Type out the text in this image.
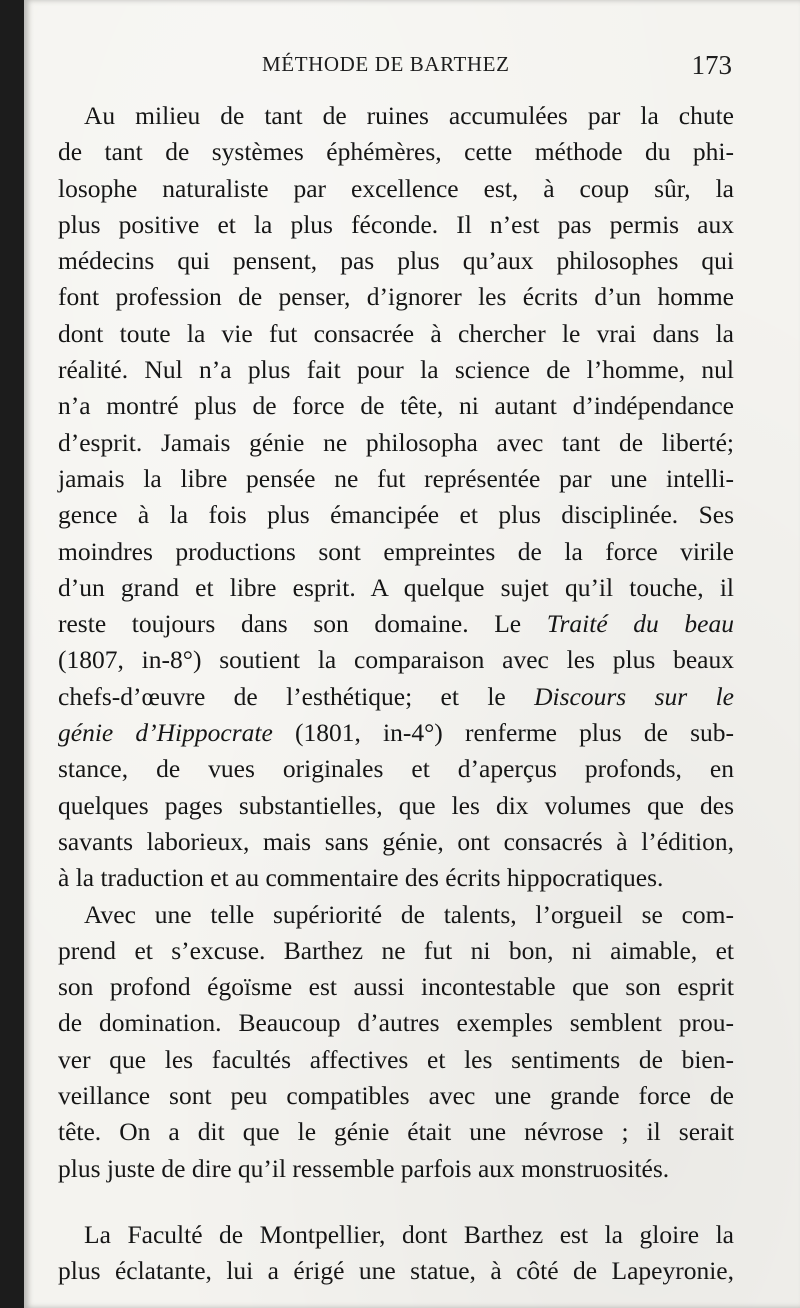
MÉTHODE DE BARTHEZ	173

Au milieu de tant de ruines accumulées par la chute
de tant de systèmes éphémères, cette méthode du phi-
losophe naturaliste par excellence est, à coup sûr, la
plus positive et la plus féconde. Il n’est pas permis aux
médecins qui pensent, pas plus qu’aux philosophes qui
font profession de penser, d’ignorer les écrits d’un homme
dont toute la vie fut consacrée à chercher le vrai dans la
réalité. Nul n’a plus fait pour la science de l’homme, nul
n’a montré plus de force de tête, ni autant d’indépendance
d’esprit. Jamais génie ne philosopha avec tant de liberté;
jamais la libre pensée ne fut représentée par une intelli-
gence à la fois plus émancipée et plus disciplinée. Ses
moindres productions sont empreintes de la force virile
d’un grand et libre esprit. A quelque sujet qu’il touche, il
reste toujours dans son domaine. Le Traité du beau
(1807, in-8°) soutient la comparaison avec les plus beaux
chefs-d’œuvre de l’esthétique; et le Discours sur le
génie d’Hippocrate (1801, in-4°) renferme plus de sub-
stance, de vues originales et d’aperçus profonds, en
quelques pages substantielles, que les dix volumes que des
savants laborieux, mais sans génie, ont consacrés à l’édition,
à la traduction et au commentaire des écrits hippocratiques.

Avec une telle supériorité de talents, l’orgueil se com-
prend et s’excuse. Barthez ne fut ni bon, ni aimable, et
son profond égoïsme est aussi incontestable que son esprit
de domination. Beaucoup d’autres exemples semblent prou-
ver que les facultés affectives et les sentiments de bien-
veillance sont peu compatibles avec une grande force de
tête. On a dit que le génie était une névrose ; il serait
plus juste de dire qu’il ressemble parfois aux monstruosités.

La Faculté de Montpellier, dont Barthez est la gloire la
plus éclatante, lui a érigé une statue, à côté de Lapeyronie,
